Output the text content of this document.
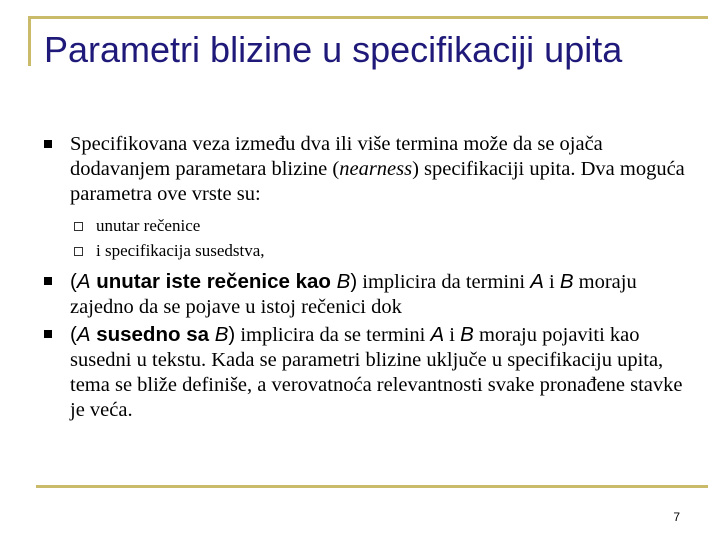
Parametri blizine u specifikaciji upita
Specifikovana veza između dva ili više termina može da se ojača dodavanjem parametara blizine (nearness) specifikaciji upita. Dva moguća parametra ove vrste su:
unutar rečenice
i specifikacija susedstva,
(A unutar iste rečenice kao B) implicira da termini A i B moraju zajedno da se pojave u istoj rečenici dok
(A susedno sa B) implicira da se termini A i B moraju pojaviti kao susedni u tekstu. Kada se parametri blizine uključe u specifikaciju upita, tema se bliže definiše, a verovatnoća relevantnosti svake pronađene stavke je veća.
7
